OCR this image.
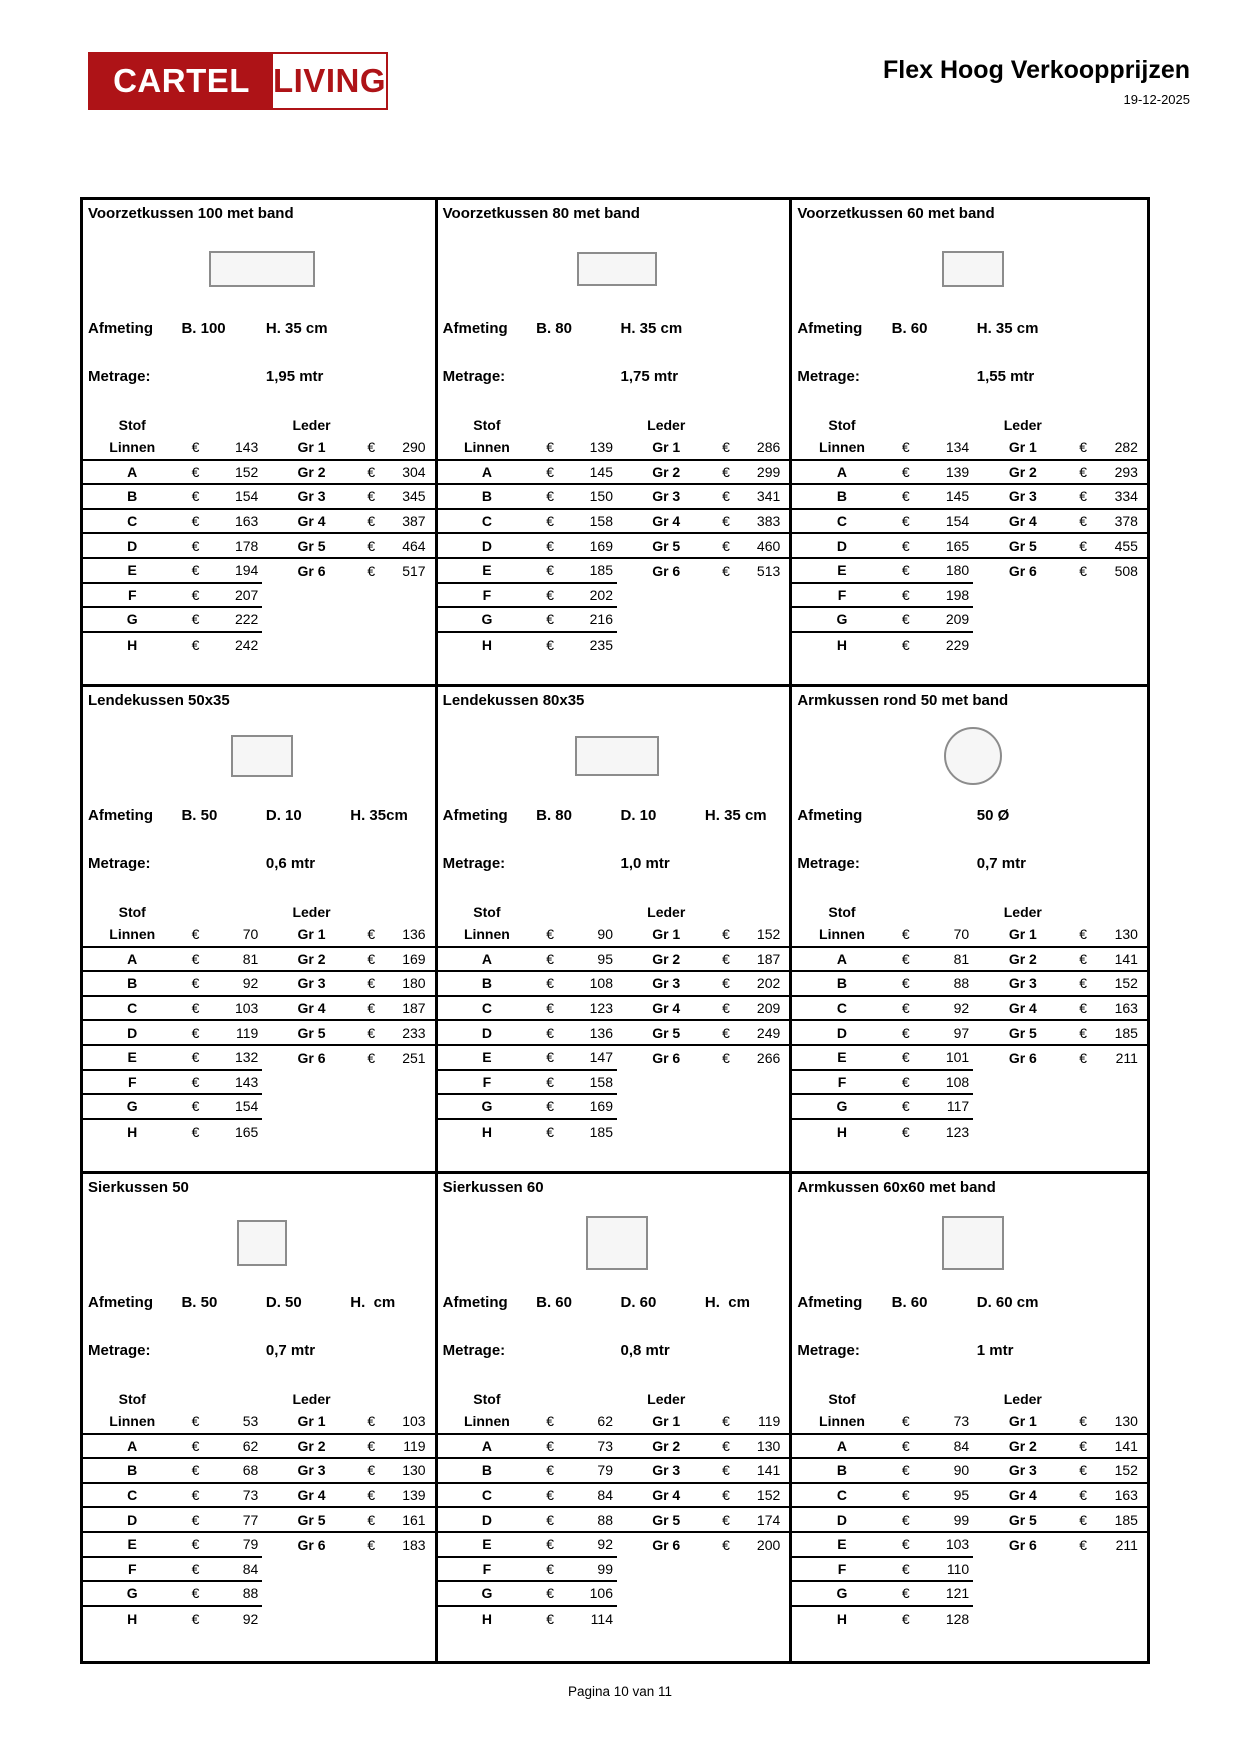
CARTEL LIVING	Flex Hoog Verkoopprijzen
19-12-2025
Voorzetkussen 100 met band
Afmeting B. 100	H. 35 cm
Metrage:	1,95 mtr
Stof	Leder
Linnen	€	143	Gr 1	€	290
A	€	152	Gr 2	€	304
B	€	154	Gr 3	€	345
C	€	163	Gr 4	€	387
D	€	178	Gr 5	€	464
E	€	194	Gr 6	€	517
F	€	207
G	€	222
H	€	242
Voorzetkussen 80 met band
Afmeting B. 80	H. 35 cm
Metrage:	1,75 mtr
Stof	Leder
Linnen	€	139	Gr 1	€	286
A	€	145	Gr 2	€	299
B	€	150	Gr 3	€	341
C	€	158	Gr 4	€	383
D	€	169	Gr 5	€	460
E	€	185	Gr 6	€	513
F	€	202
G	€	216
H	€	235
Voorzetkussen 60 met band
Afmeting B. 60	H. 35 cm
Metrage:	1,55 mtr
Stof	Leder
Linnen	€	134	Gr 1	€	282
A	€	139	Gr 2	€	293
B	€	145	Gr 3	€	334
C	€	154	Gr 4	€	378
D	€	165	Gr 5	€	455
E	€	180	Gr 6	€	508
F	€	198
G	€	209
H	€	229
Lendekussen 50x35
Afmeting B. 50	D. 10	H. 35cm
Metrage:	0,6 mtr
Stof	Leder
Linnen	€	70	Gr 1	€	136
A	€	81	Gr 2	€	169
B	€	92	Gr 3	€	180
C	€	103	Gr 4	€	187
D	€	119	Gr 5	€	233
E	€	132	Gr 6	€	251
F	€	143
G	€	154
H	€	165
Lendekussen 80x35
Afmeting B. 80	D. 10	H. 35 cm
Metrage:	1,0 mtr
Stof	Leder
Linnen	€	90	Gr 1	€	152
A	€	95	Gr 2	€	187
B	€	108	Gr 3	€	202
C	€	123	Gr 4	€	209
D	€	136	Gr 5	€	249
E	€	147	Gr 6	€	266
F	€	158
G	€	169
H	€	185
Armkussen rond 50 met band
Afmeting	50 Ø
Metrage:	0,7 mtr
Stof	Leder
Linnen	€	70	Gr 1	€	130
A	€	81	Gr 2	€	141
B	€	88	Gr 3	€	152
C	€	92	Gr 4	€	163
D	€	97	Gr 5	€	185
E	€	101	Gr 6	€	211
F	€	108
G	€	117
H	€	123
Sierkussen 50
Afmeting B. 50	D. 50	H.  cm
Metrage:	0,7 mtr
Stof	Leder
Linnen	€	53	Gr 1	€	103
A	€	62	Gr 2	€	119
B	€	68	Gr 3	€	130
C	€	73	Gr 4	€	139
D	€	77	Gr 5	€	161
E	€	79	Gr 6	€	183
F	€	84
G	€	88
H	€	92
Sierkussen 60
Afmeting B. 60	D. 60	H.  cm
Metrage:	0,8 mtr
Stof	Leder
Linnen	€	62	Gr 1	€	119
A	€	73	Gr 2	€	130
B	€	79	Gr 3	€	141
C	€	84	Gr 4	€	152
D	€	88	Gr 5	€	174
E	€	92	Gr 6	€	200
F	€	99
G	€	106
H	€	114
Armkussen 60x60 met band
Afmeting B. 60	D. 60 cm
Metrage:	1 mtr
Stof	Leder
Linnen	€	73	Gr 1	€	130
A	€	84	Gr 2	€	141
B	€	90	Gr 3	€	152
C	€	95	Gr 4	€	163
D	€	99	Gr 5	€	185
E	€	103	Gr 6	€	211
F	€	110
G	€	121
H	€	128
Pagina 10 van 11
